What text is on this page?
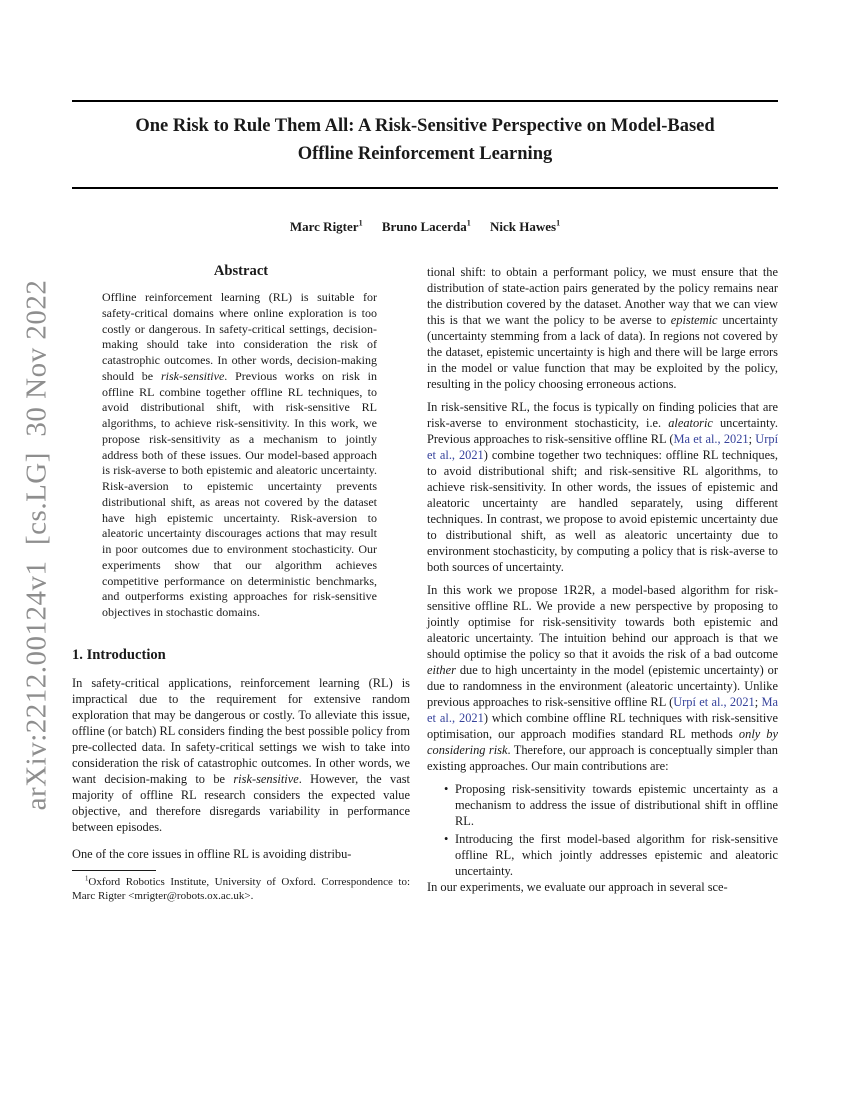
arXiv:2212.00124v1  [cs.LG]  30 Nov 2022
One Risk to Rule Them All: A Risk-Sensitive Perspective on Model-Based
Offline Reinforcement Learning
Marc Rigter$^1$ Bruno Lacerda$^1$ Nick Hawes$^1$
Abstract

Offline reinforcement learning (RL) is suitable for safety-critical domains where online exploration is too costly or dangerous. In safety-critical settings, decision-making should take into consideration the risk of catastrophic outcomes. In other words, decision-making should be risk-sensitive. Previous works on risk in offline RL combine together offline RL techniques, to avoid distributional shift, with risk-sensitive RL algorithms, to achieve risk-sensitivity. In this work, we propose risk-sensitivity as a mechanism to jointly address both of these issues. Our model-based approach is risk-averse to both epistemic and aleatoric uncertainty. Risk-aversion to epistemic uncertainty prevents distributional shift, as areas not covered by the dataset have high epistemic uncertainty. Risk-aversion to aleatoric uncertainty discourages actions that may result in poor outcomes due to environment stochasticity. Our experiments show that our algorithm achieves competitive performance on deterministic benchmarks, and outperforms existing approaches for risk-sensitive objectives in stochastic domains.

1. Introduction

In safety-critical applications, reinforcement learning (RL) is impractical due to the requirement for extensive random exploration that may be dangerous or costly. To alleviate this issue, offline (or batch) RL considers finding the best possible policy from pre-collected data. In safety-critical settings we wish to take into consideration the risk of catastrophic outcomes. In other words, we want decision-making to be risk-sensitive. However, the vast majority of offline RL research considers the expected value objective, and therefore disregards variability in performance between episodes.

One of the core issues in offline RL is avoiding distribu-

$^1$Oxford Robotics Institute, University of Oxford. Correspondence to: Marc Rigter <mrigter@robots.ox.ac.uk>.

tional shift: to obtain a performant policy, we must ensure that the distribution of state-action pairs generated by the policy remains near the distribution covered by the dataset. Another way that we can view this is that we want the policy to be averse to epistemic uncertainty (uncertainty stemming from a lack of data). In regions not covered by the dataset, epistemic uncertainty is high and there will be large errors in the model or value function that may be exploited by the policy, resulting in the policy choosing erroneous actions.

In risk-sensitive RL, the focus is typically on finding policies that are risk-averse to environment stochasticity, i.e. aleatoric uncertainty. Previous approaches to risk-sensitive offline RL (Ma et al., 2021; Urpí et al., 2021) combine together two techniques: offline RL techniques, to avoid distributional shift; and risk-sensitive RL algorithms, to achieve risk-sensitivity. In other words, the issues of epistemic and aleatoric uncertainty are handled separately, using different techniques. In contrast, we propose to avoid epistemic uncertainty due to distributional shift, as well as aleatoric uncertainty due to environment stochasticity, by computing a policy that is risk-averse to both sources of uncertainty.

In this work we propose 1R2R, a model-based algorithm for risk-sensitive offline RL. We provide a new perspective by proposing to jointly optimise for risk-sensitivity towards both epistemic and aleatoric uncertainty. The intuition behind our approach is that we should optimise the policy so that it avoids the risk of a bad outcome either due to high uncertainty in the model (epistemic uncertainty) or due to randomness in the environment (aleatoric uncertainty). Unlike previous approaches to risk-sensitive offline RL (Urpí et al., 2021; Ma et al., 2021) which combine offline RL techniques with risk-sensitive optimisation, our approach modifies standard RL methods only by considering risk. Therefore, our approach is conceptually simpler than existing approaches. Our main contributions are:

• Proposing risk-sensitivity towards epistemic uncertainty as a mechanism to address the issue of distributional shift in offline RL.
• Introducing the first model-based algorithm for risk-sensitive offline RL, which jointly addresses epistemic and aleatoric uncertainty.

In our experiments, we evaluate our approach in several sce-
